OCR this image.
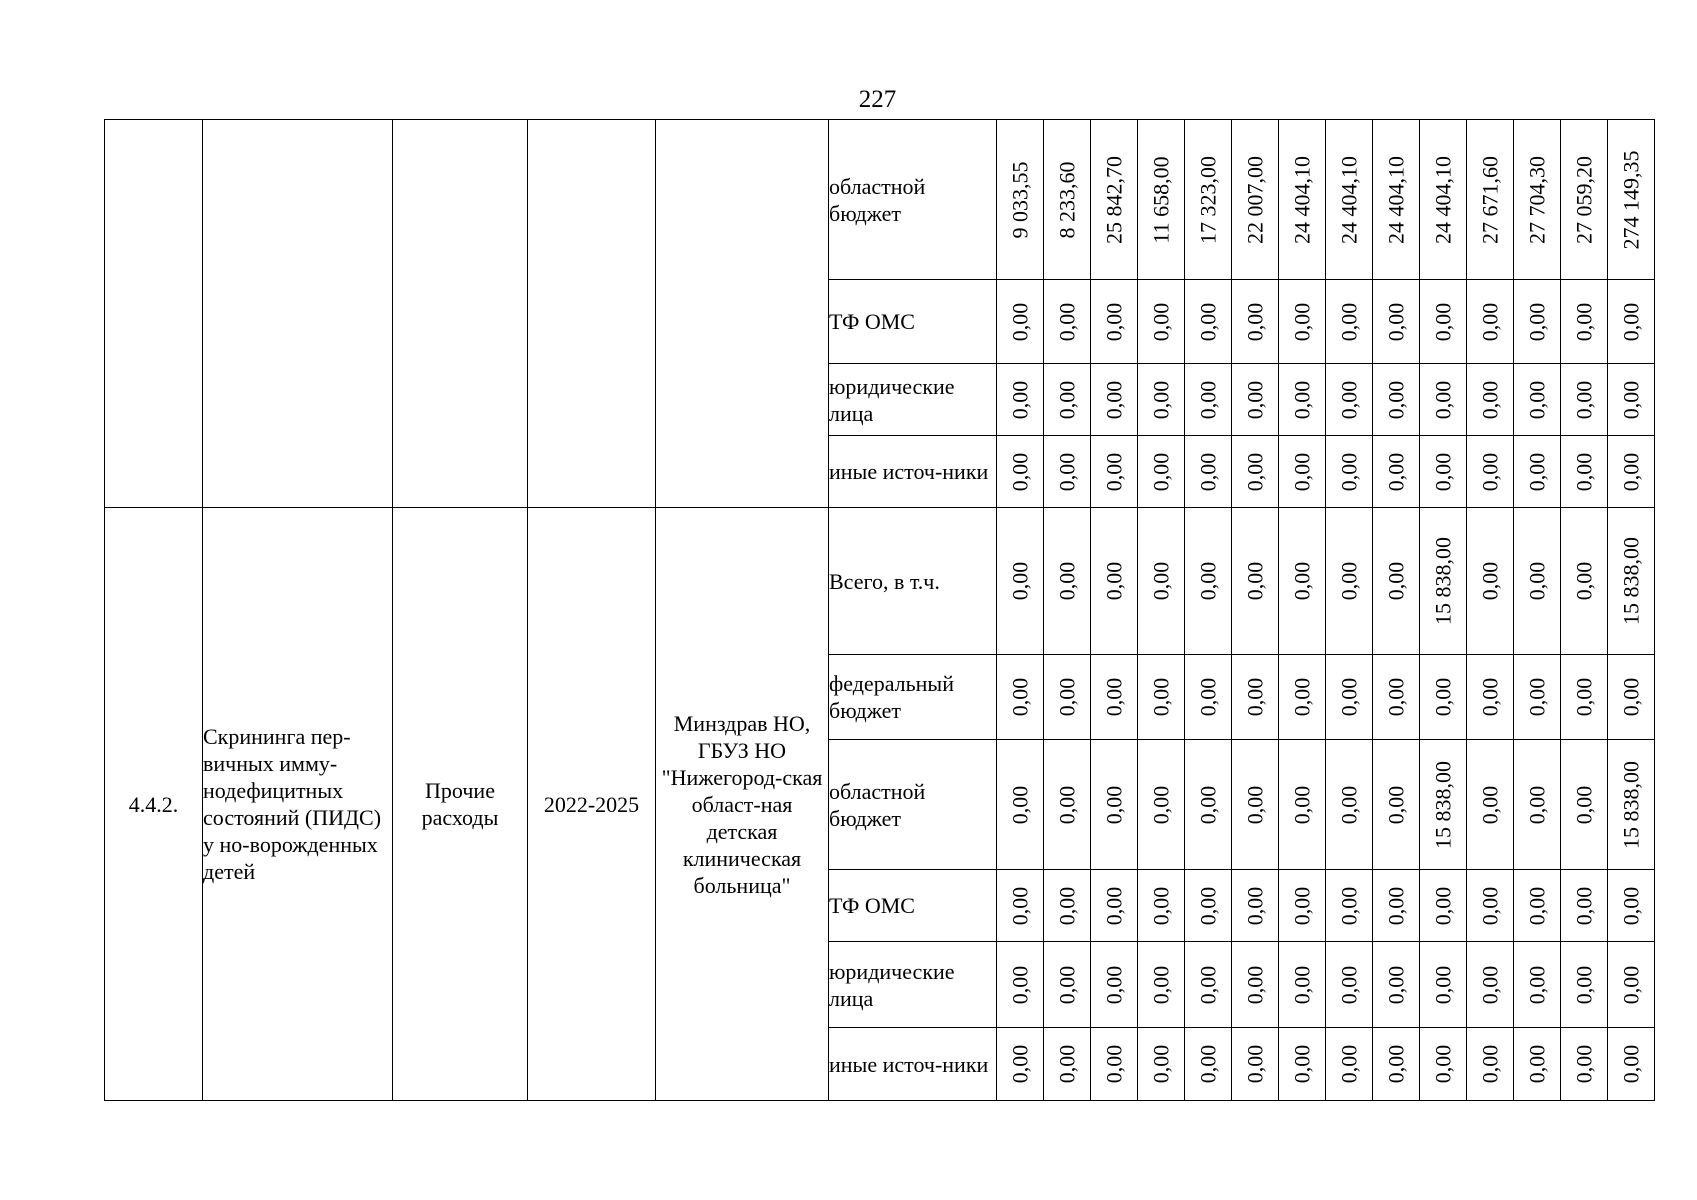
227
					областной бюджет	9 033,55	8 233,60	25 842,70	11 658,00	17 323,00	22 007,00	24 404,10	24 404,10	24 404,10	24 404,10	27 671,60	27 704,30	27 059,20	274 149,35

					ТФ ОМС	0,00	0,00	0,00	0,00	0,00	0,00	0,00	0,00	0,00	0,00	0,00	0,00	0,00	0,00

					юридические лица	0,00	0,00	0,00	0,00	0,00	0,00	0,00	0,00	0,00	0,00	0,00	0,00	0,00	0,00

					иные источ-ники	0,00	0,00	0,00	0,00	0,00	0,00	0,00	0,00	0,00	0,00	0,00	0,00	0,00	0,00

4.4.2.	Скрининга пер-вичных имму-нодефицитных состояний (ПИДС) у но-ворожденных детей	Прочие расходы	2022-2025	Минздрав НО, ГБУЗ НО "Нижегород-ская област-ная детская клиническая больница"	Всего, в т.ч.	0,00	0,00	0,00	0,00	0,00	0,00	0,00	0,00	0,00	15 838,00	0,00	0,00	0,00	15 838,00

					федеральный бюджет	0,00	0,00	0,00	0,00	0,00	0,00	0,00	0,00	0,00	0,00	0,00	0,00	0,00	0,00

					областной бюджет	0,00	0,00	0,00	0,00	0,00	0,00	0,00	0,00	0,00	15 838,00	0,00	0,00	0,00	15 838,00

					ТФ ОМС	0,00	0,00	0,00	0,00	0,00	0,00	0,00	0,00	0,00	0,00	0,00	0,00	0,00	0,00

					юридические лица	0,00	0,00	0,00	0,00	0,00	0,00	0,00	0,00	0,00	0,00	0,00	0,00	0,00	0,00

					иные источ-ники	0,00	0,00	0,00	0,00	0,00	0,00	0,00	0,00	0,00	0,00	0,00	0,00	0,00	0,00
